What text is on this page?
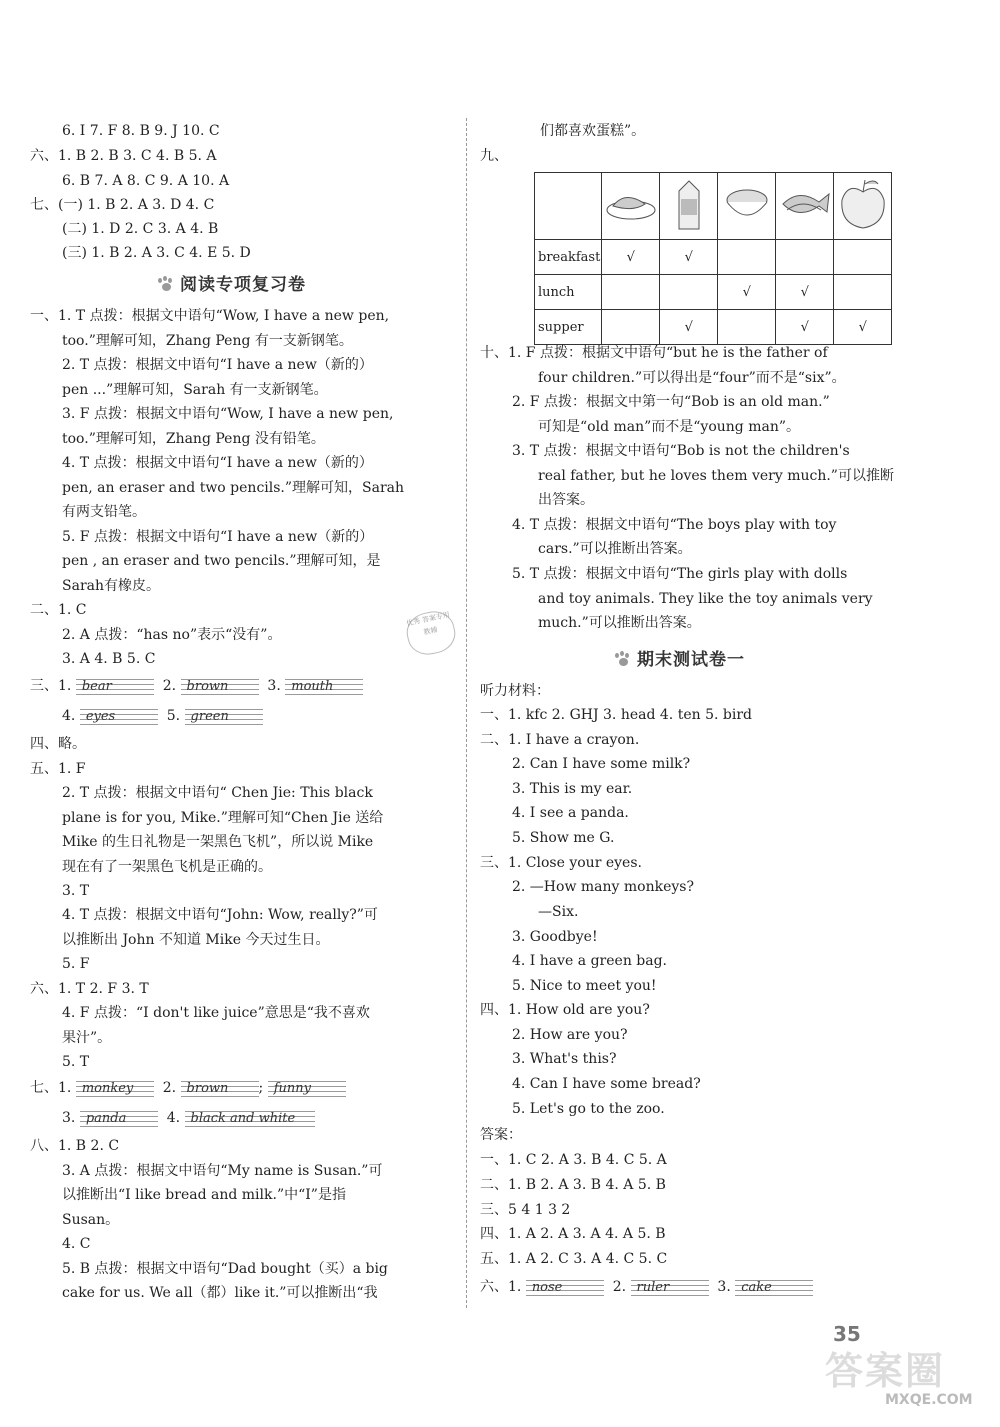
6. I 7. F 8. B 9. J 10. C
六、1. B 2. B 3. C 4. B 5. A
6. B 7. A 8. C 9. A 10. A
七、(一) 1. B 2. A 3. D 4. C
(二) 1. D 2. C 3. A 4. B
(三) 1. B 2. A 3. C 4. E 5. D
阅读专项复习卷
一、1. T 点拨：根据文中语句“Wow, I have a new pen,
too.”理解可知，Zhang Peng 有一支新钢笔。
2. T 点拨：根据文中语句“I have a new（新的）
pen ...”理解可知，Sarah 有一支新钢笔。
3. F 点拨：根据文中语句“Wow, I have a new pen,
too.”理解可知，Zhang Peng 没有铅笔。
4. T 点拨：根据文中语句“I have a new（新的）
pen, an eraser and two pencils.”理解可知，Sarah
有两支铅笔。
5. F 点拨：根据文中语句“I have a new（新的）
pen , an eraser and two pencils.”理解可知，是
Sarah有橡皮。
二、1. C
2. A 点拨：“has no”表示“没有”。
3. A 4. B 5. C
优秀 答案专用 教辅
三、1. bear	2. brown 3. mouth
4. eyes	5. green
四、略。
五、1. F
2. T 点拨：根据文中语句“ Chen Jie: This black
plane is for you, Mike.”理解可知“Chen Jie 送给
Mike 的生日礼物是一架黑色飞机”，所以说 Mike
现在有了一架黑色飞机是正确的。
3. T
4. T 点拨：根据文中语句“John: Wow, really?”可
以推断出 John 不知道 Mike 今天过生日。
5. F
六、1. T 2. F 3. T
4. F 点拨：“I don't like juice”意思是“我不喜欢
果汁”。
5. T
七、1. monkey 2. brown ; funny
3. panda 4. black and white
八、1. B 2. C
3. A 点拨：根据文中语句“My name is Susan.”可
以推断出“I like bread and milk.”中“I”是指
Susan。
4. C
5. B 点拨：根据文中语句“Dad bought（买）a big
cake for us. We all（都）like it.”可以推断出“我
们都喜欢蛋糕”。
九、

breakfast	√	√			
lunch			√	√	
supper		√		√	√
十、1. F 点拨：根据文中语句“but he is the father of
four children.”可以得出是“four”而不是“six”。
2. F 点拨：根据文中第一句“Bob is an old man.”
可知是“old man”而不是“young man”。
3. T 点拨：根据文中语句“Bob is not the children's
real father, but he loves them very much.”可以推断
出答案。
4. T 点拨：根据文中语句“The boys play with toy
cars.”可以推断出答案。
5. T 点拨：根据文中语句“The girls play with dolls
and toy animals. They like the toy animals very
much.”可以推断出答案。
期末测试卷一
听力材料：
一、1. kfc 2. GHJ 3. head 4. ten 5. bird
二、1. I have a crayon.
2. Can I have some milk?
3. This is my ear.
4. I see a panda.
5. Show me G.
三、1. Close your eyes.
2. —How many monkeys?
—Six.
3. Goodbye!
4. I have a green bag.
5. Nice to meet you!
四、1. How old are you?
2. How are you?
3. What's this?
4. Can I have some bread?
5. Let's go to the zoo.
答案：
一、1. C 2. A 3. B 4. C 5. A
二、1. B 2. A 3. B 4. A 5. B
三、5 4 1 3 2
四、1. A 2. A 3. A 4. A 5. B
五、1. A 2. C 3. A 4. C 5. C
六、1. nose	2. ruler	3. cake
35
答案圈
MXQE.COM
